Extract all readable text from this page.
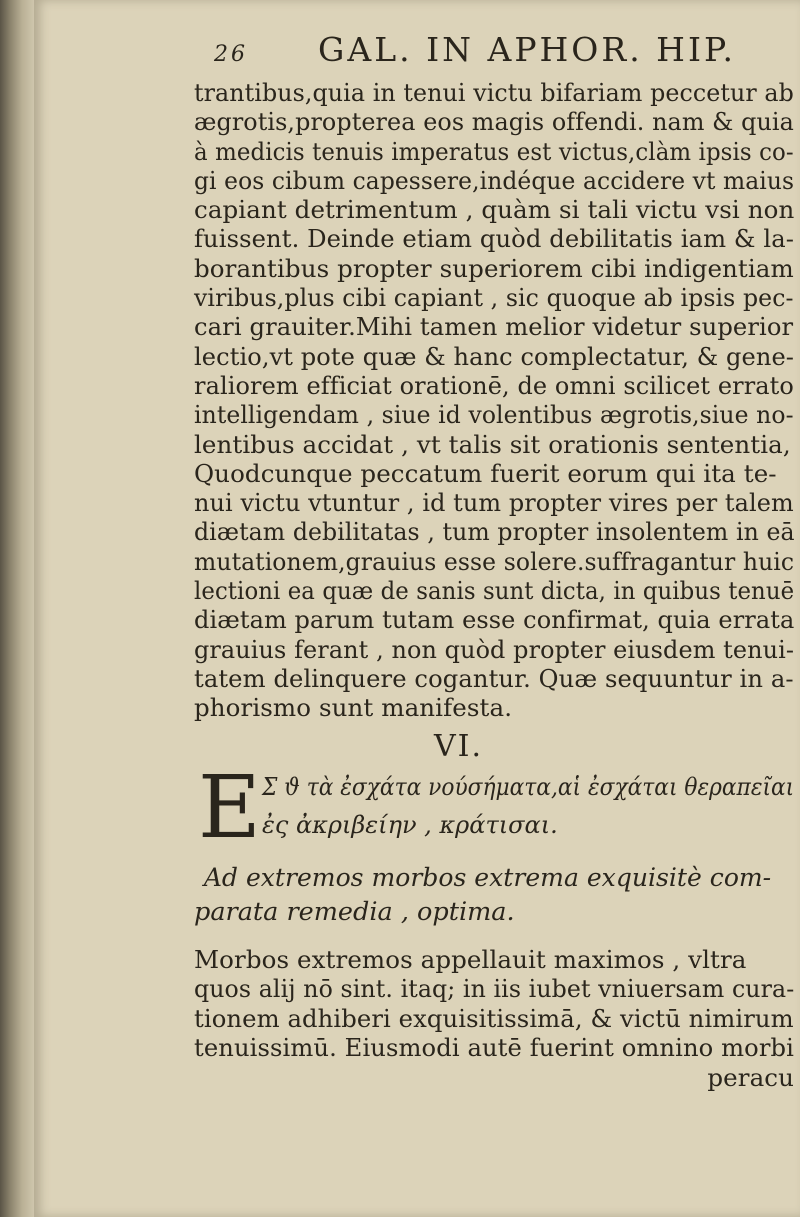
26 GAL. IN APHOR. HIP.
trantibus,quia in tenui victu bifariam peccetur ab
ægrotis,propterea eos magis offendi. nam & quia
à medicis tenuis imperatus est victus,clàm ipsis co-
gi eos cibum capessere,indéque accidere vt maius
capiant detrimentum , quàm si tali victu vsi non
fuissent. Deinde etiam quòd debilitatis iam & la-
borantibus propter superiorem cibi indigentiam
viribus,plus cibi capiant , sic quoque ab ipsis pec-
cari grauiter.Mihi tamen melior videtur superior
lectio,vt pote quæ & hanc complectatur, & gene-
raliorem efficiat orationē, de omni scilicet errato
intelligendam , siue id volentibus ægrotis,siue no-
lentibus accidat , vt talis sit orationis sententia,
Quodcunque peccatum fuerit eorum qui ita te-
nui victu vtuntur , id tum propter vires per talem
diætam debilitatas , tum propter insolentem in eā
mutationem,grauius esse solere.suffragantur huic
lectioni ea quæ de sanis sunt dicta, in quibus tenuē
diætam parum tutam esse confirmat, quia errata
grauius ferant , non quòd propter eiusdem tenui-
tatem delinquere cogantur. Quæ sequuntur in a-
phorismo sunt manifesta.
VI.
E Σ ϑ τὰ ἐσχάτα νούσήματα,αἱ ἐσχάται θεραπεῖαι
ἐς ἀκριβείην , κράτισαι.
Ad extremos morbos extrema exquisitè com-
parata remedia , optima.
Morbos extremos appellauit maximos , vltra
quos alij nō sint. itaq; in iis iubet vniuersam cura-
tionem adhiberi exquisitissimā, & victū nimirum
tenuissimū. Eiusmodi autē fuerint omnino morbi
peracu
